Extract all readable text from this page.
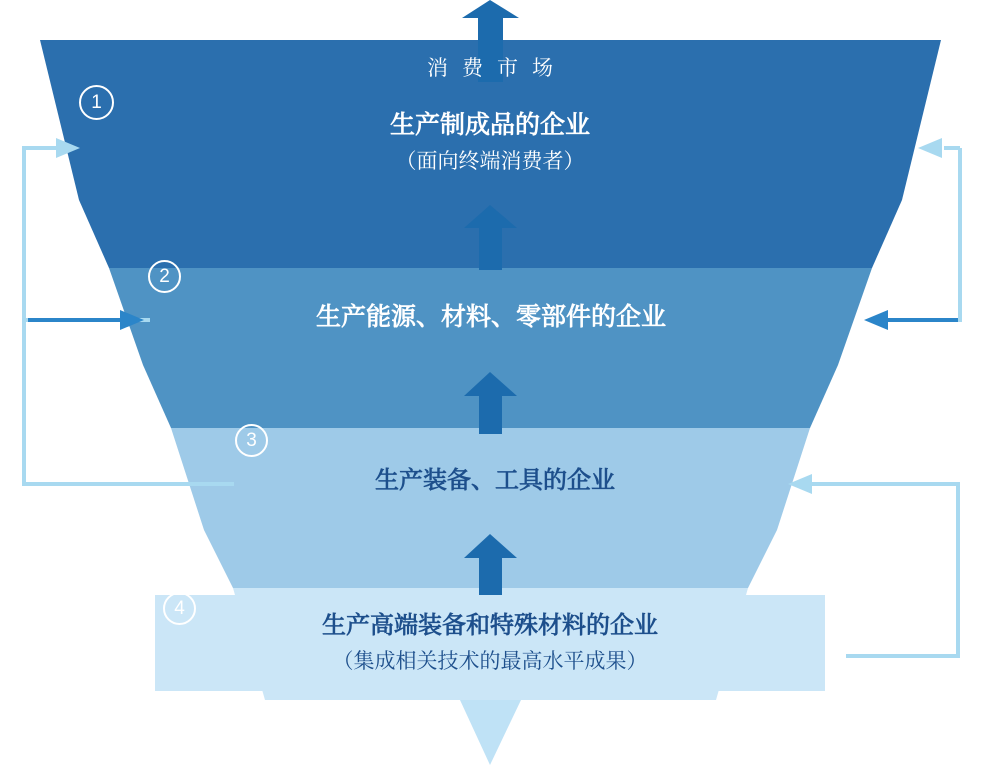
消费市场
生产制成品的企业
（面向终端消费者）
1
生产能源、材料、零部件的企业
2
生产装备、工具的企业
3
生产高端装备和特殊材料的企业
（集成相关技术的最高水平成果）
4
